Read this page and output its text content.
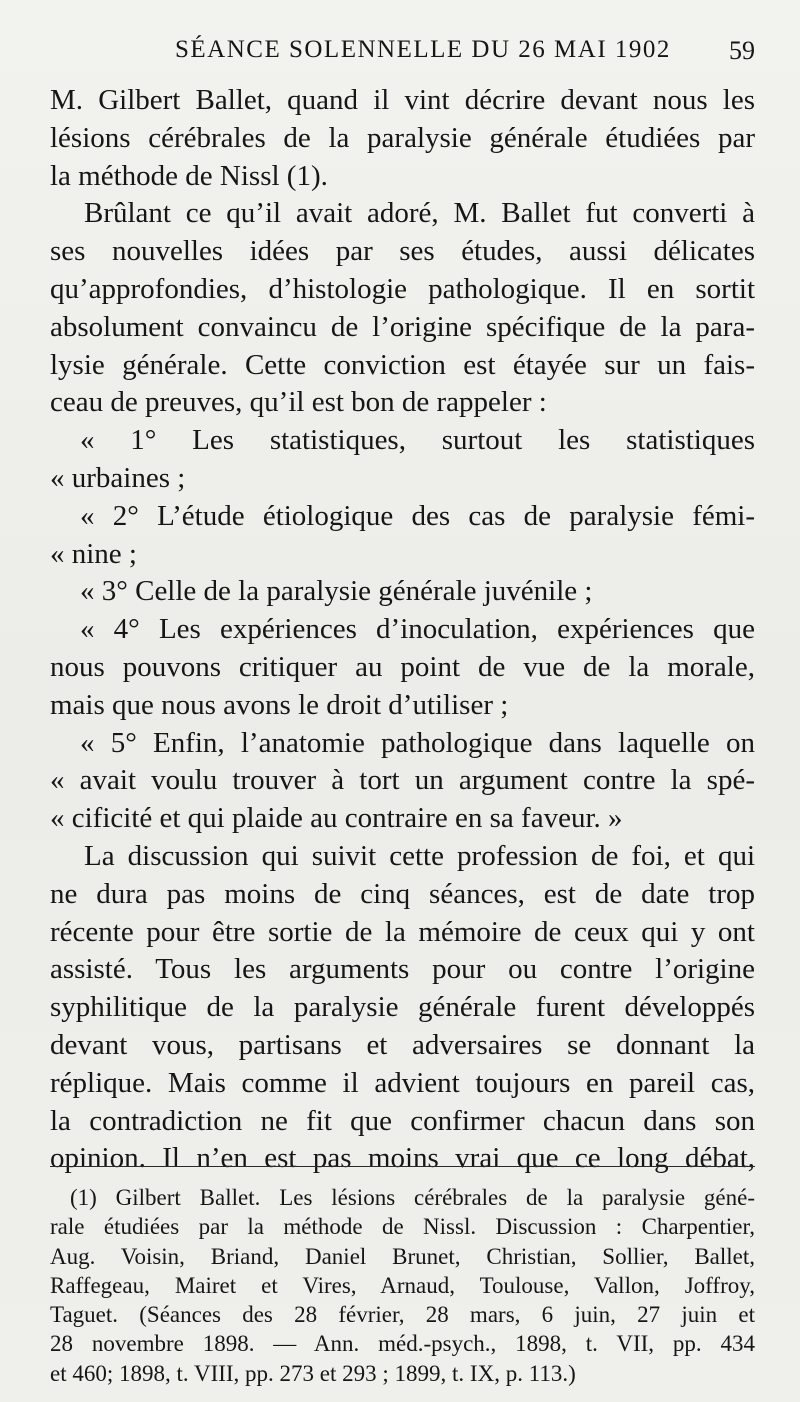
SÉANCE SOLENNELLE DU 26 MAI 1902 59
M. Gilbert Ballet, quand il vint décrire devant nous les
lésions cérébrales de la paralysie générale étudiées par
la méthode de Nissl (1).
Brûlant ce qu’il avait adoré, M. Ballet fut converti à
ses nouvelles idées par ses études, aussi délicates
qu’approfondies, d’histologie pathologique. Il en sortit
absolument convaincu de l’origine spécifique de la para-
lysie générale. Cette conviction est étayée sur un fais-
ceau de preuves, qu’il est bon de rappeler :
« 1° Les statistiques, surtout les statistiques
« urbaines ;
« 2° L’étude étiologique des cas de paralysie fémi-
« nine ;
« 3° Celle de la paralysie générale juvénile ;
« 4° Les expériences d’inoculation, expériences que
nous pouvons critiquer au point de vue de la morale,
mais que nous avons le droit d’utiliser ;
« 5° Enfin, l’anatomie pathologique dans laquelle on
« avait voulu trouver à tort un argument contre la spé-
« cificité et qui plaide au contraire en sa faveur. »
La discussion qui suivit cette profession de foi, et qui
ne dura pas moins de cinq séances, est de date trop
récente pour être sortie de la mémoire de ceux qui y ont
assisté. Tous les arguments pour ou contre l’origine
syphilitique de la paralysie générale furent développés
devant vous, partisans et adversaires se donnant la
réplique. Mais comme il advient toujours en pareil cas,
la contradiction ne fit que confirmer chacun dans son
opinion. Il n’en est pas moins vrai que ce long débat,
(1) Gilbert Ballet. Les lésions cérébrales de la paralysie géné-
rale étudiées par la méthode de Nissl. Discussion : Charpentier,
Aug. Voisin, Briand, Daniel Brunet, Christian, Sollier, Ballet,
Raffegeau, Mairet et Vires, Arnaud, Toulouse, Vallon, Joffroy,
Taguet. (Séances des 28 février, 28 mars, 6 juin, 27 juin et
28 novembre 1898. — Ann. méd.-psych., 1898, t. VII, pp. 434
et 460; 1898, t. VIII, pp. 273 et 293 ; 1899, t. IX, p. 113.)
